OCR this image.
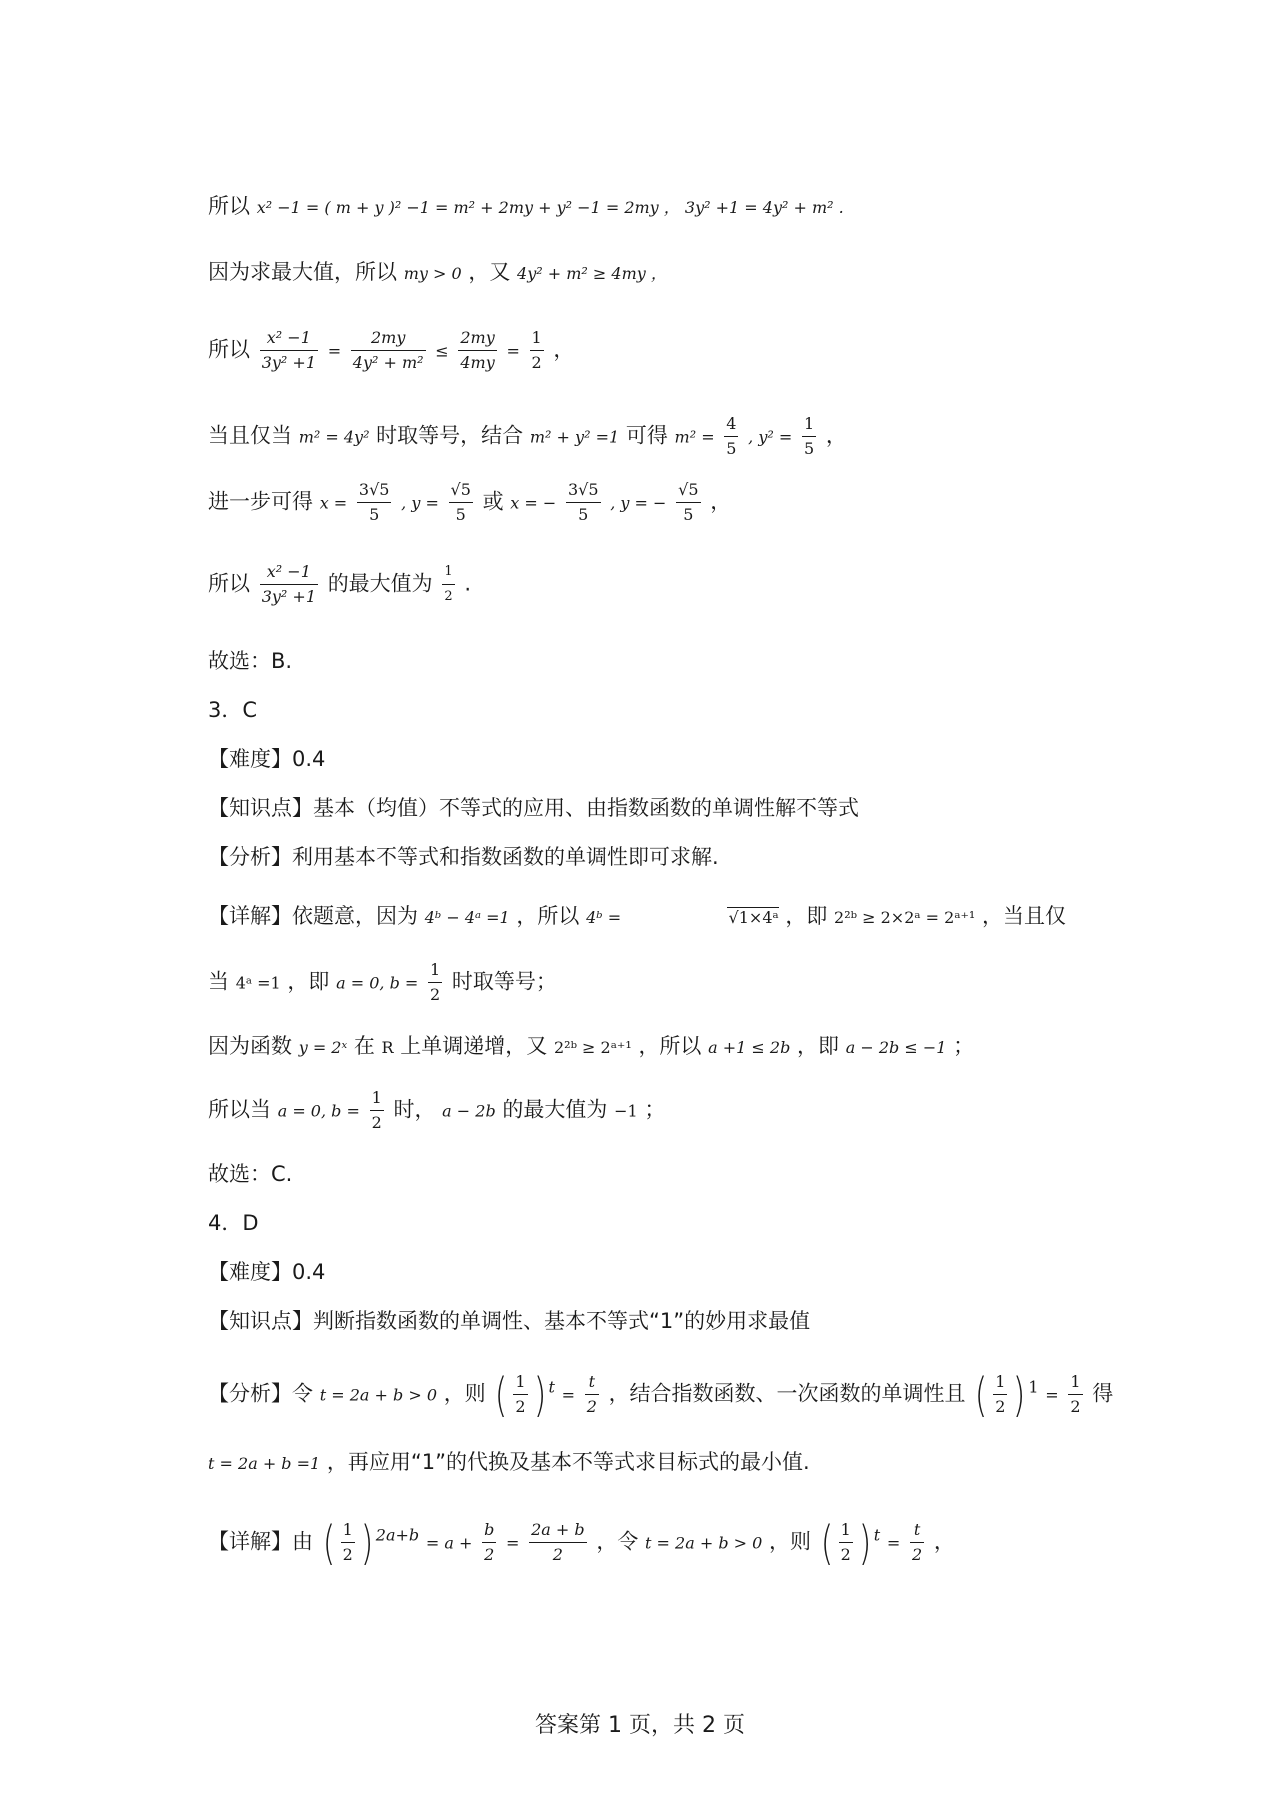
所以 x² −1 = ( m + y )² −1 = m² + 2my + y² −1 = 2my ， 3y² +1 = 4y² + m² .
因为求最大值，所以 my > 0 ，又 4y² + m² ≥ 4my ，
所以 $\frac{\text{x² −1}}{\text{3y² +1}} = \frac{2my}{\text{4y² + m²}} \le \frac{2my}{4my} = \frac{1}{2}$ ，
当且仅当 m² = 4y² 时取等号，结合 m² + y² =1 可得 $m^2 = \frac{4}{5}$ , $y^2 = \frac{1}{5}$ ，
进一步可得 $x = \frac{3√5}{5}$ , $y = \frac{√5}{5}$ 或 x = − $\frac{3√5}{5}$ , y = − $\frac{√5}{5}$ ，
所以 $\frac{\text{x² −1}}{\text{3y² +1}}$ 的最大值为 $\frac{1}{2}$ .
故选：B.
3．C
【难度】0.4
【知识点】基本（均值）不等式的应用、由指数函数的单调性解不等式
【分析】利用基本不等式和指数函数的单调性即可求解.
【详解】依题意，因为 4ᵇ − 4ᵃ =1 ，所以 4ᵇ =	√1×4ᵃ ，即 2²ᵇ ≥ 2×2ᵃ = 2ᵃ⁺¹ ，当且仅
当 4ᵃ =1 ，即 a = 0, $b = \frac{1}{2}$ 时取等号；
因为函数 y = 2ˣ 在 R 上单调递增，又 2²ᵇ ≥ 2ᵃ⁺¹ ，所以 a +1 ≤ 2b ，即 a − 2b ≤ −1 ；
所以当 a = 0, $b = \frac{1}{2}$ 时， a − 2b 的最大值为 −1 ；
故选：C.
4．D
【难度】0.4
【知识点】判断指数函数的单调性、基本不等式“1”的妙用求最值
【分析】令 t = 2a + b > 0 ，则 ( $\frac{1}{2}$ ) $^t = \frac{t}{2}$ ，结合指数函数、一次函数的单调性且 ( $\frac{1}{2}$ ) $^1 = \frac{1}{2}$ 得
t = 2a + b =1 ，再应用“1”的代换及基本不等式求目标式的最小值.
【详解】由 ( $\frac{1}{2}$ ) $^{2a+b} = a + \frac{b}{2} = \frac{2a + b}{2}$ ，令 t = 2a + b > 0 ，则 ( $\frac{1}{2}$ ) $^t = \frac{t}{2}$ ，
答案第 1 页，共 2 页
